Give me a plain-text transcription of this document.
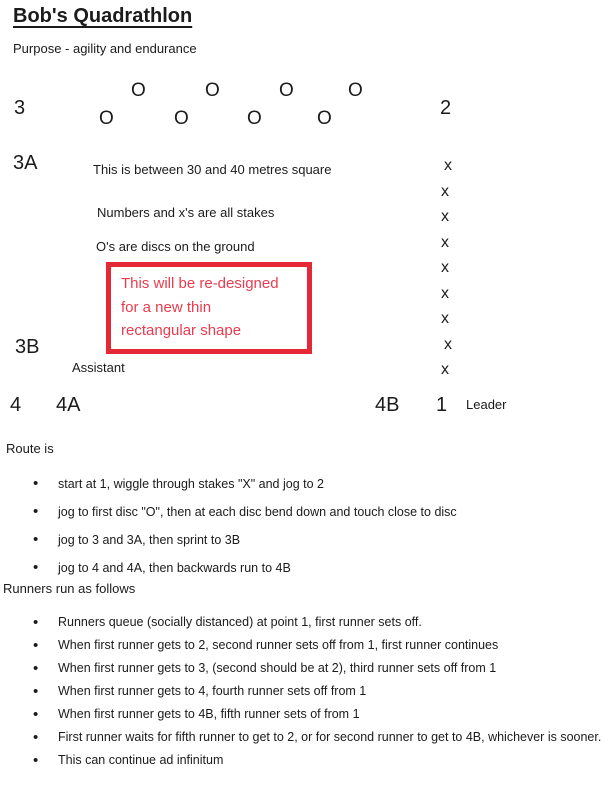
Bob's Quadrathlon
Purpose - agility and endurance
O	O	O	O
O	O	O	O
3	2
3A
3B
4 4A	4B 1
x
x
x
x
x
x
x
x
x
This is between 30 and 40 metres square
Numbers and x's are all stakes
O's are discs on the ground
This will be re-designed
for a new thin
rectangular shape
Assistant
Leader
Route is
• start at 1, wiggle through stakes "X" and jog to 2
• jog to first disc "O", then at each disc bend down and touch close to disc
• jog to 3 and 3A, then sprint to 3B
• jog to 4 and 4A, then backwards run to 4B
Runners run as follows
• Runners queue (socially distanced) at point 1, first runner sets off.
• When first runner gets to 2, second runner sets off from 1, first runner continues
• When first runner gets to 3, (second should be at 2), third runner sets off from 1
• When first runner gets to 4, fourth runner sets off from 1
• When first runner gets to 4B, fifth runner sets of from 1
• First runner waits for fifth runner to get to 2, or for second runner to get to 4B, whichever is sooner.
• This can continue ad infinitum
